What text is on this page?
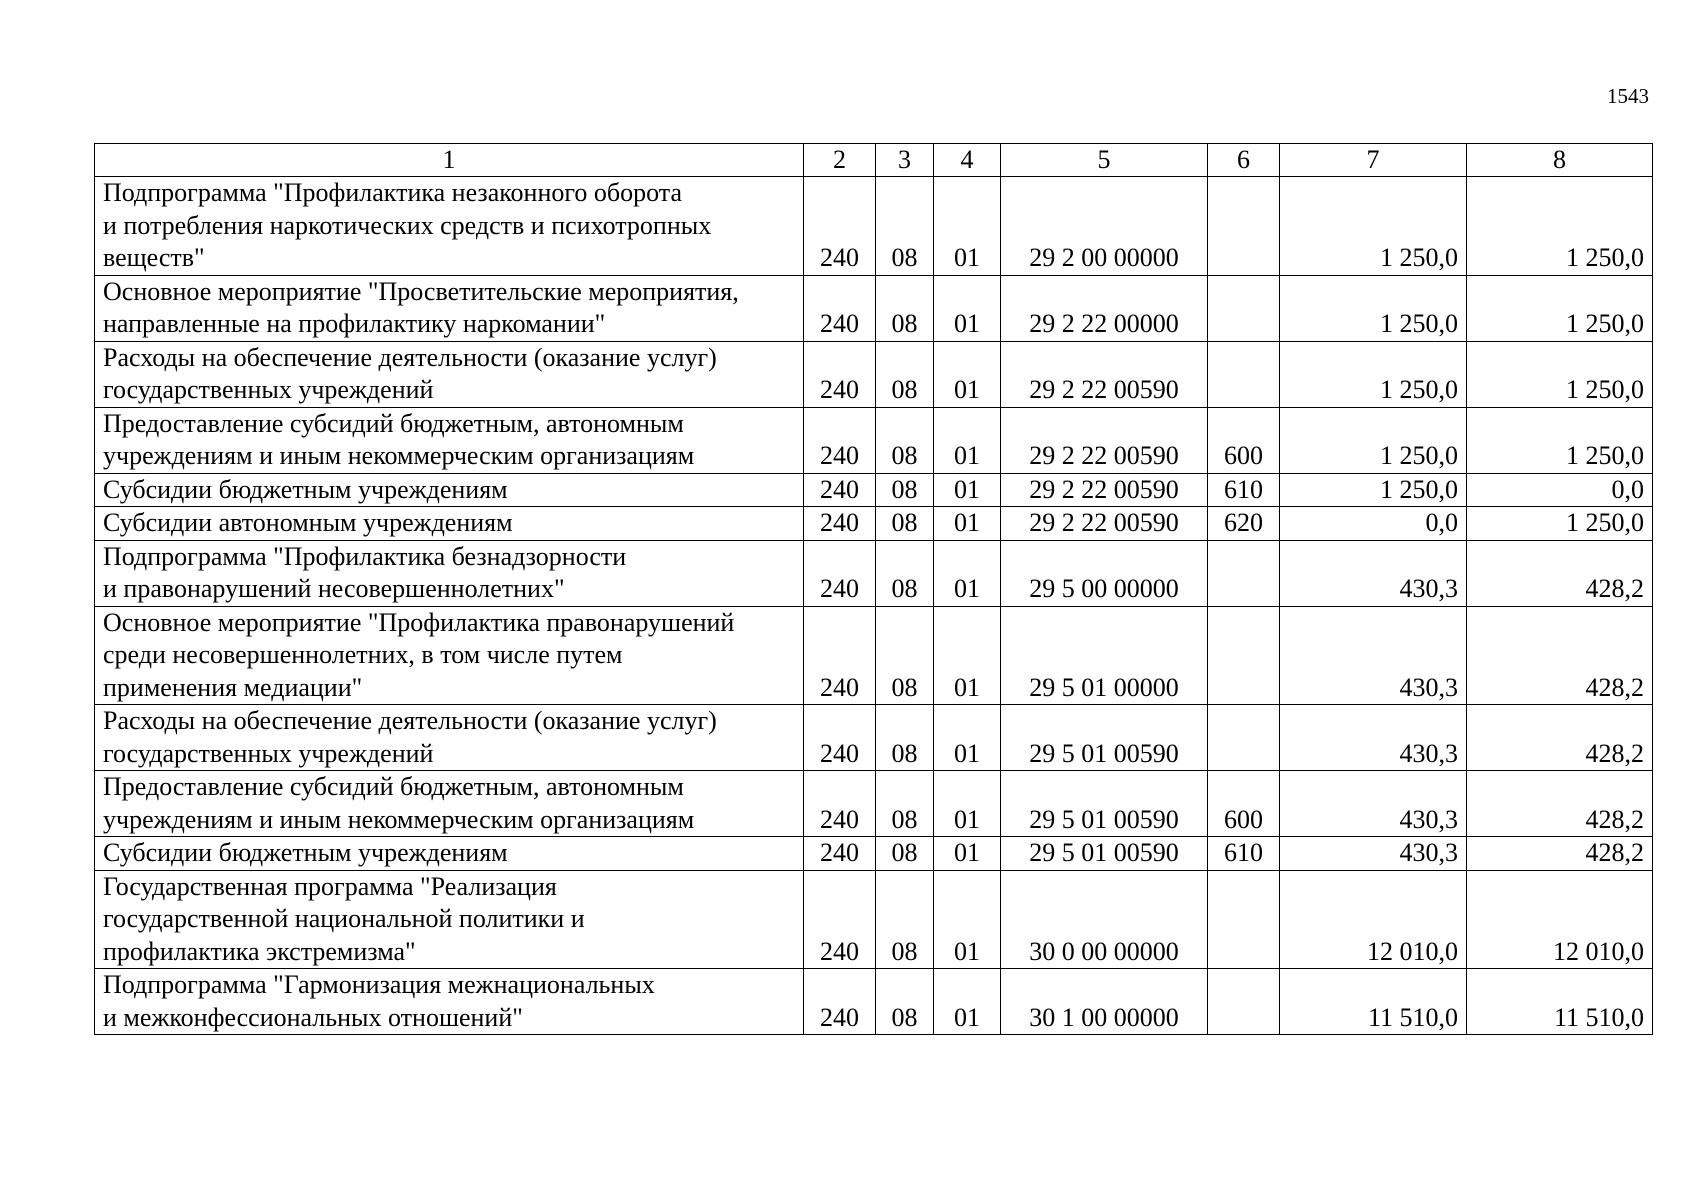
1543
1	2	3	4	5	6	7	8

Подпрограмма "Профилактика незаконного оборота
и потребления наркотических средств и психотропных
веществ"	240	08	01	29 2 00 00000		1 250,0	1 250,0

Основное мероприятие "Просветительские мероприятия,
направленные на профилактику наркомании"	240	08	01	29 2 22 00000		1 250,0	1 250,0

Расходы на обеспечение деятельности (оказание услуг)
государственных учреждений	240	08	01	29 2 22 00590		1 250,0	1 250,0

Предоставление субсидий бюджетным, автономным
учреждениям и иным некоммерческим организациям	240	08	01	29 2 22 00590	600	1 250,0	1 250,0

Субсидии бюджетным учреждениям	240	08	01	29 2 22 00590	610	1 250,0	0,0

Субсидии автономным учреждениям	240	08	01	29 2 22 00590	620	0,0	1 250,0

Подпрограмма "Профилактика безнадзорности
и правонарушений несовершеннолетних"	240	08	01	29 5 00 00000		430,3	428,2

Основное мероприятие "Профилактика правонарушений
среди несовершеннолетних, в том числе путем
применения медиации"	240	08	01	29 5 01 00000		430,3	428,2

Расходы на обеспечение деятельности (оказание услуг)
государственных учреждений	240	08	01	29 5 01 00590		430,3	428,2

Предоставление субсидий бюджетным, автономным
учреждениям и иным некоммерческим организациям	240	08	01	29 5 01 00590	600	430,3	428,2

Субсидии бюджетным учреждениям	240	08	01	29 5 01 00590	610	430,3	428,2

Государственная программа "Реализация
государственной национальной политики и
профилактика экстремизма"	240	08	01	30 0 00 00000		12 010,0	12 010,0

Подпрограмма "Гармонизация межнациональных
и межконфессиональных отношений"	240	08	01	30 1 00 00000		11 510,0	11 510,0
